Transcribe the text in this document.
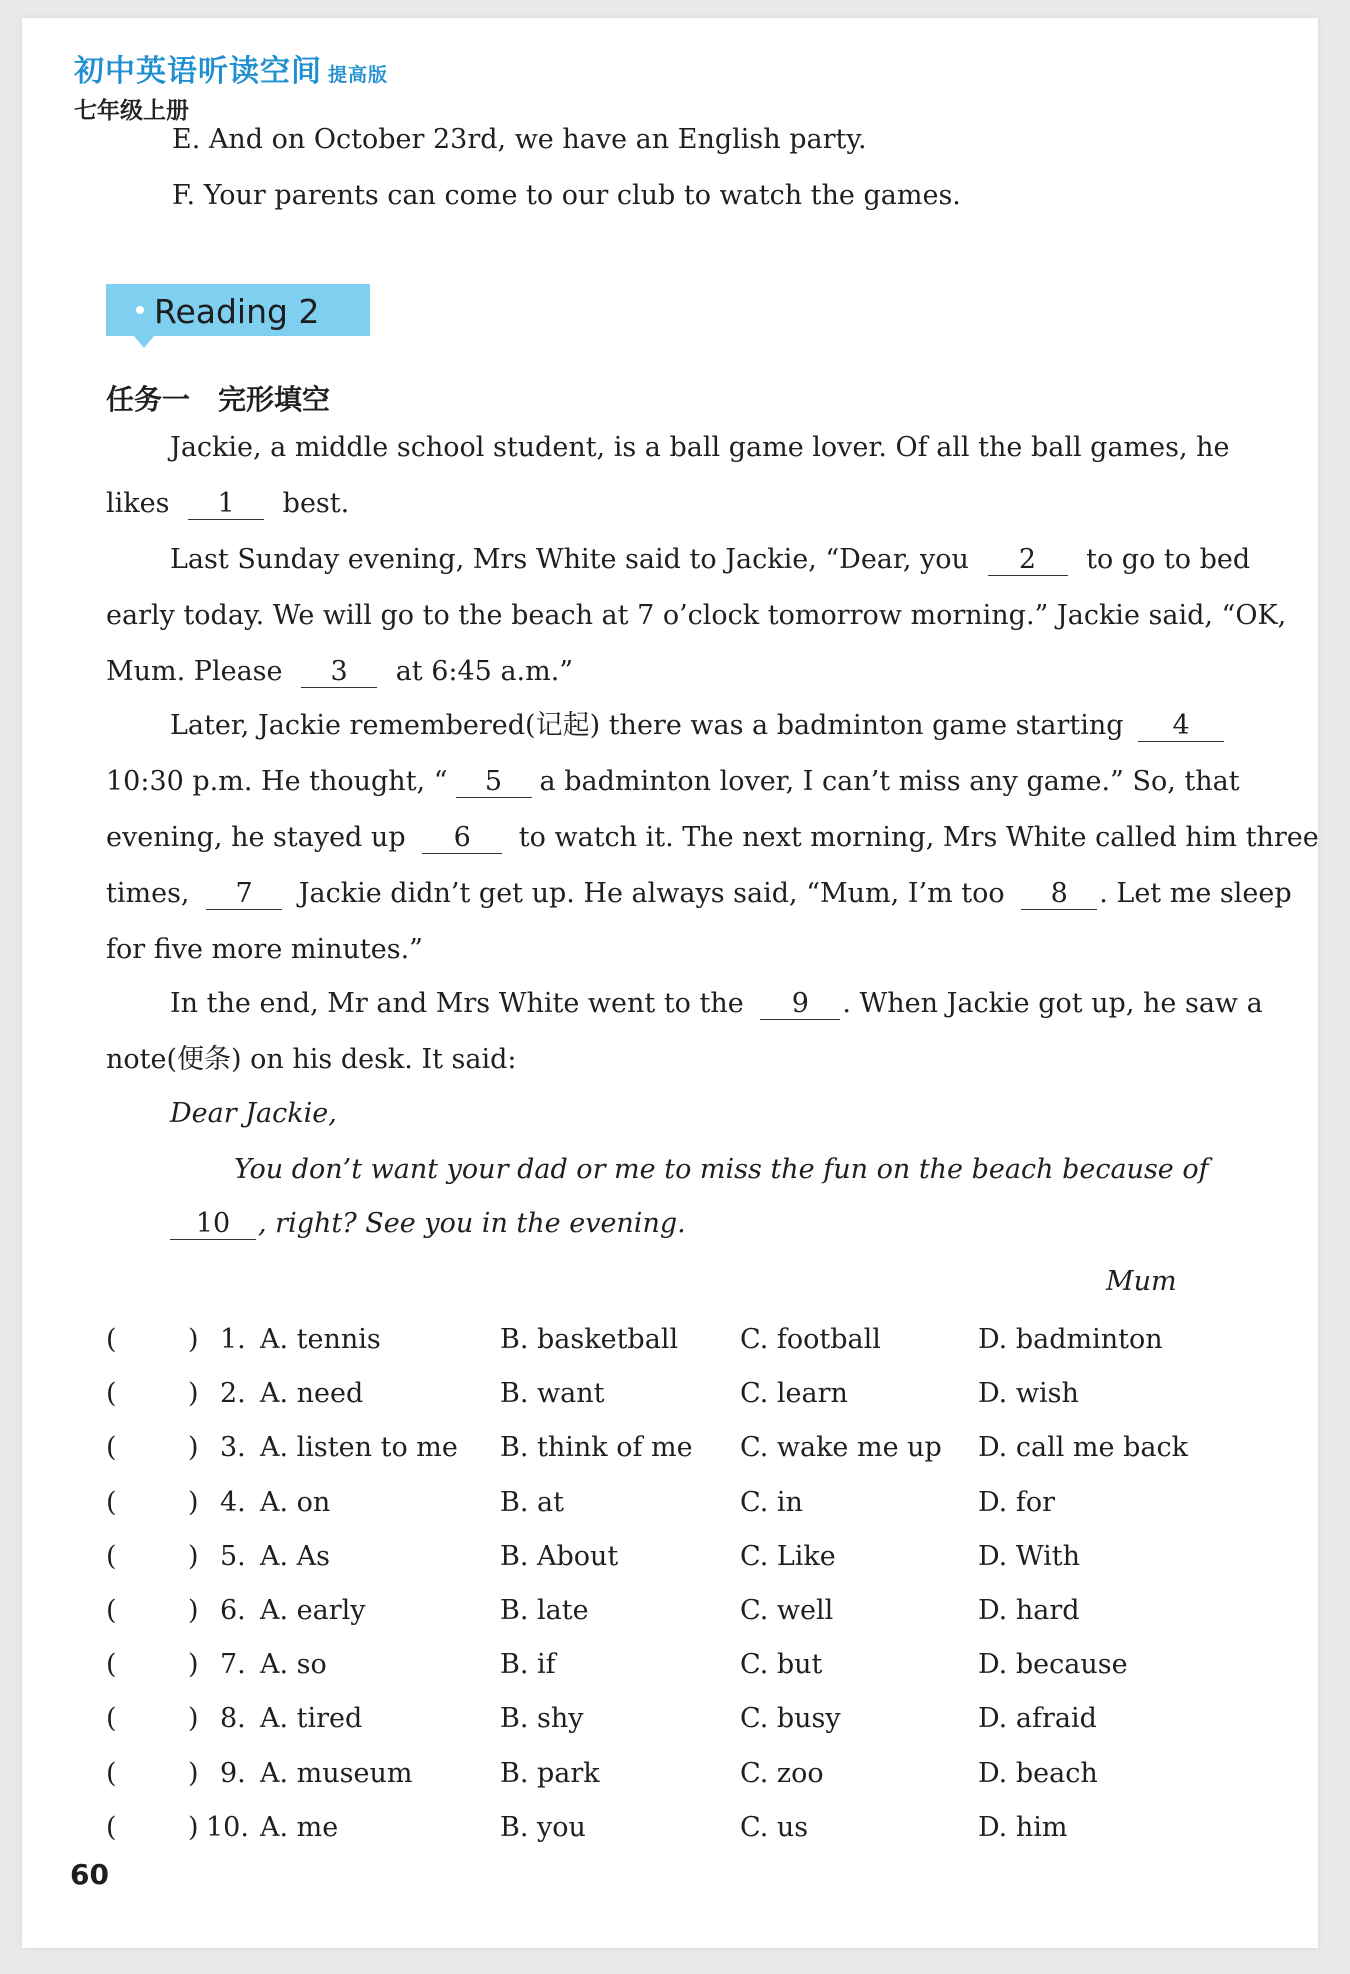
初中英语听读空间 提高版
七年级上册
E. And on October 23rd, we have an English party.
F. Your parents can come to our club to watch the games.
Reading 2
任务一　完形填空
Jackie, a middle school student, is a ball game lover. Of all the ball games, he
likes 1 best.
Last Sunday evening, Mrs White said to Jackie, “Dear, you 2 to go to bed
early today. We will go to the beach at 7 o’clock tomorrow morning.” Jackie said, “OK,
Mum. Please 3 at 6:45 a.m.”
Later, Jackie remembered(记起) there was a badminton game starting 4
10:30 p.m. He thought, “ 5 a badminton lover, I can’t miss any game.” So, that
evening, he stayed up 6 to watch it. The next morning, Mrs White called him three
times, 7 Jackie didn’t get up. He always said, “Mum, I’m too 8 . Let me sleep
for five more minutes.”
In the end, Mr and Mrs White went to the 9 . When Jackie got up, he saw a
note(便条) on his desk. It said:
Dear Jackie,
You don’t want your dad or me to miss the fun on the beach because of
10 , right? See you in the evening.
Mum
(	) 1. A. tennis	B. basketball C. football	D. badminton
(	) 2. A. need	B. want	C. learn	D. wish
(	) 3. A. listen to me B. think of me C. wake me up D. call me back
(	) 4. A. on	B. at	C. in	D. for
(	) 5. A. As	B. About	C. Like	D. With
(	) 6. A. early	B. late	C. well	D. hard
(	) 7. A. so	B. if	C. but	D. because
(	) 8. A. tired	B. shy	C. busy	D. afraid
(	) 9. A. museum	B. park	C. zoo	D. beach
(	) 10. A. me	B. you	C. us	D. him
60
